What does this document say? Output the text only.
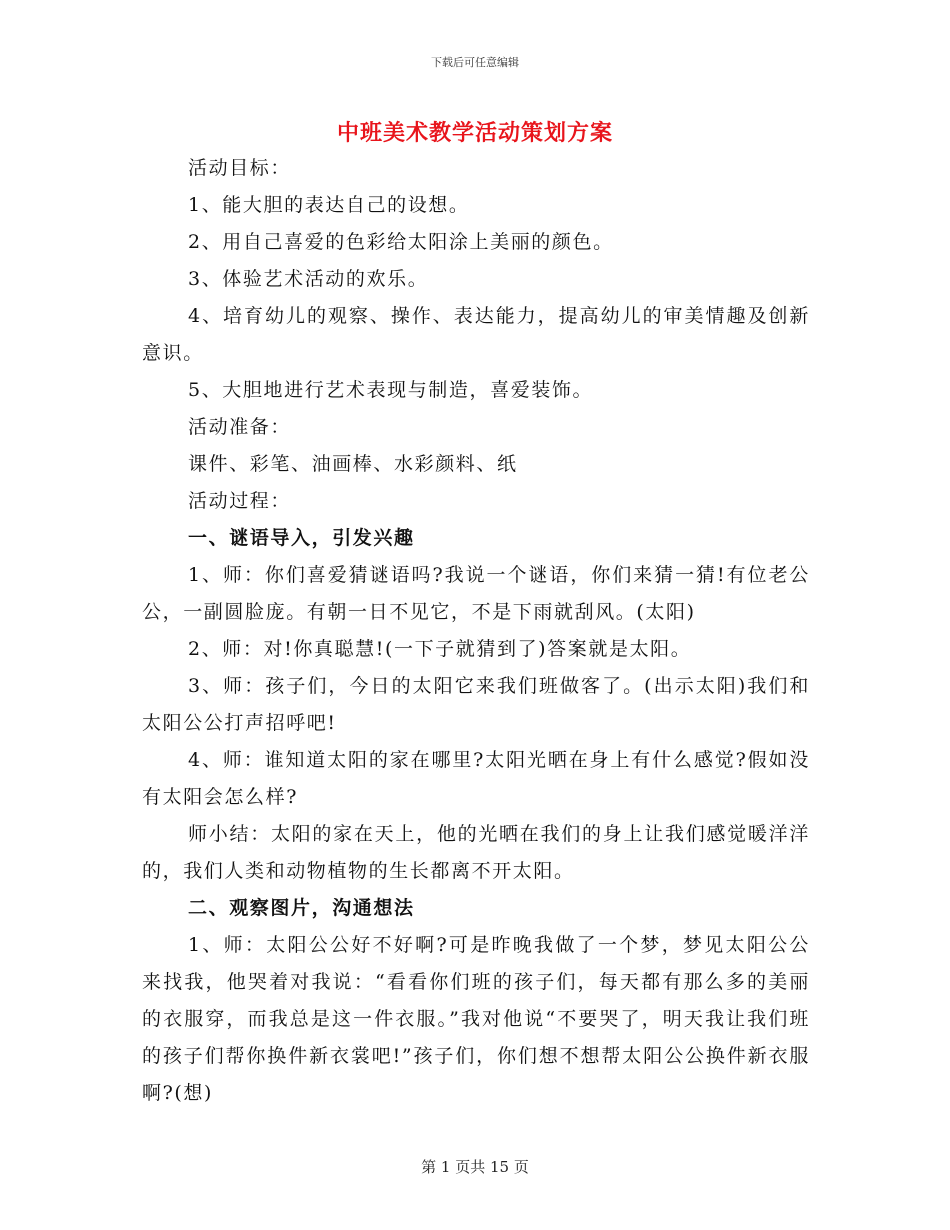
下载后可任意编辑
中班美术教学活动策划方案

活动目标：

1、能大胆的表达自己的设想。

2、用自己喜爱的色彩给太阳涂上美丽的颜色。

3、体验艺术活动的欢乐。

4、培育幼儿的观察、操作、表达能力，提高幼儿的审美情趣及创新意识。

5、大胆地进行艺术表现与制造，喜爱装饰。

活动准备：

课件、彩笔、油画棒、水彩颜料、纸

活动过程：

一、谜语导入，引发兴趣

1、师：你们喜爱猜谜语吗?我说一个谜语，你们来猜一猜!有位老公公，一副圆脸庞。有朝一日不见它，不是下雨就刮风。(太阳)

2、师：对!你真聪慧!(一下子就猜到了)答案就是太阳。

3、师：孩子们，今日的太阳它来我们班做客了。(出示太阳)我们和太阳公公打声招呼吧!

4、师：谁知道太阳的家在哪里?太阳光晒在身上有什么感觉?假如没有太阳会怎么样?

师小结：太阳的家在天上，他的光晒在我们的身上让我们感觉暖洋洋的，我们人类和动物植物的生长都离不开太阳。

二、观察图片，沟通想法

1、师：太阳公公好不好啊?可是昨晚我做了一个梦，梦见太阳公公来找我，他哭着对我说：“看看你们班的孩子们，每天都有那么多的美丽的衣服穿，而我总是这一件衣服。”我对他说“不要哭了，明天我让我们班的孩子们帮你换件新衣裳吧!”孩子们，你们想不想帮太阳公公换件新衣服啊?(想)

第 1 页共 15 页
